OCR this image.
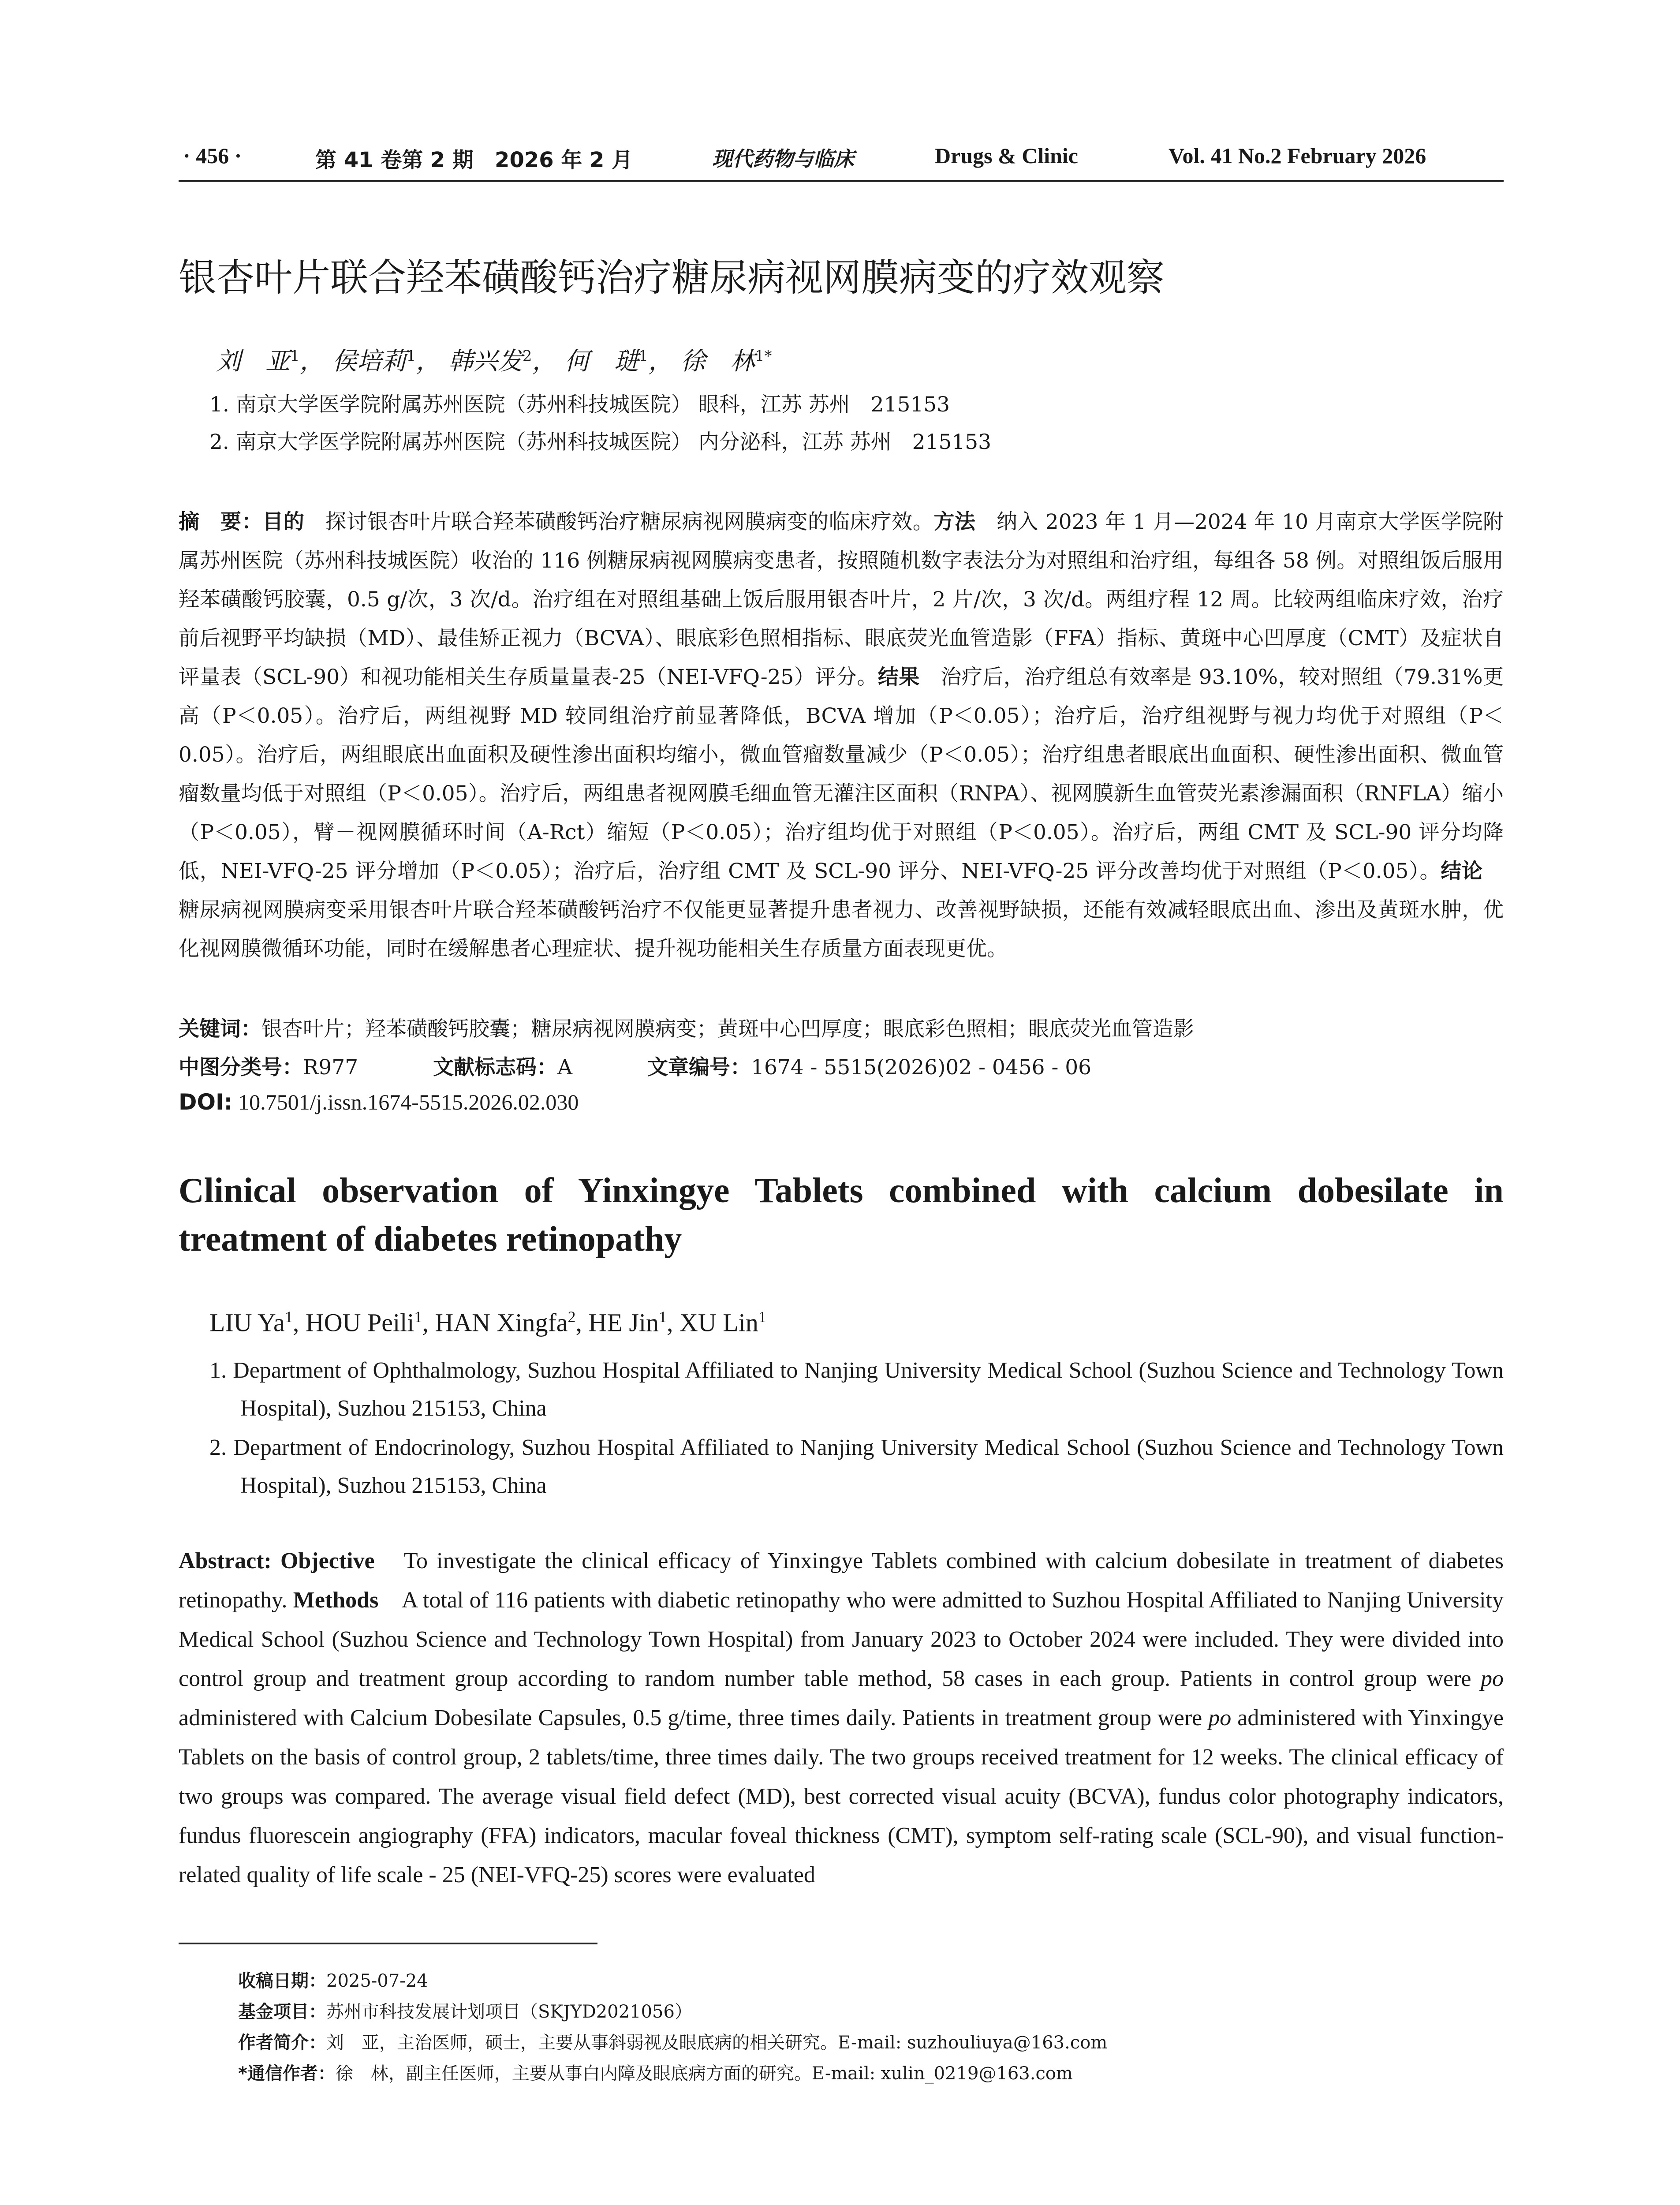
· 456 ·	第 41 卷第 2 期　2026 年 2 月	现代药物与临床	Drugs & Clinic	Vol. 41 No.2 February 2026
银杏叶片联合羟苯磺酸钙治疗糖尿病视网膜病变的疗效观察
刘　亚$^1$， 侯培莉$^1$， 韩兴发$^2$， 何　琎$^1$， 徐　林$^{1*}$
1. 南京大学医学院附属苏州医院（苏州科技城医院） 眼科，江苏 苏州　215153
2. 南京大学医学院附属苏州医院（苏州科技城医院） 内分泌科，江苏 苏州　215153
摘　要：目的　探讨银杏叶片联合羟苯磺酸钙治疗糖尿病视网膜病变的临床疗效。方法　纳入 2023 年 1 月—2024 年 10 月南京大学医学院附属苏州医院（苏州科技城医院）收治的 116 例糖尿病视网膜病变患者，按照随机数字表法分为对照组和治疗组，每组各 58 例。对照组饭后服用羟苯磺酸钙胶囊，0.5 g/次，3 次/d。治疗组在对照组基础上饭后服用银杏叶片，2 片/次，3 次/d。两组疗程 12 周。比较两组临床疗效，治疗前后视野平均缺损（MD）、最佳矫正视力（BCVA）、眼底彩色照相指标、眼底荧光血管造影（FFA）指标、黄斑中心凹厚度（CMT）及症状自评量表（SCL-90）和视功能相关生存质量量表-25（NEI-VFQ-25）评分。结果　治疗后，治疗组总有效率是 93.10%，较对照组（79.31%更高（P＜0.05）。治疗后，两组视野 MD 较同组治疗前显著降低，BCVA 增加（P＜0.05）；治疗后，治疗组视野与视力均优于对照组（P＜0.05）。治疗后，两组眼底出血面积及硬性渗出面积均缩小，微血管瘤数量减少（P＜0.05）；治疗组患者眼底出血面积、硬性渗出面积、微血管瘤数量均低于对照组（P＜0.05）。治疗后，两组患者视网膜毛细血管无灌注区面积（RNPA）、视网膜新生血管荧光素渗漏面积（RNFLA）缩小（P＜0.05），臂－视网膜循环时间（A-Rct）缩短（P＜0.05）；治疗组均优于对照组（P＜0.05）。治疗后，两组 CMT 及 SCL-90 评分均降低，NEI-VFQ-25 评分增加（P＜0.05）；治疗后，治疗组 CMT 及 SCL-90 评分、NEI-VFQ-25 评分改善均优于对照组（P＜0.05）。结论　糖尿病视网膜病变采用银杏叶片联合羟苯磺酸钙治疗不仅能更显著提升患者视力、改善视野缺损，还能有效减轻眼底出血、渗出及黄斑水肿，优化视网膜微循环功能，同时在缓解患者心理症状、提升视功能相关生存质量方面表现更优。
关键词：银杏叶片；羟苯磺酸钙胶囊；糖尿病视网膜病变；黄斑中心凹厚度；眼底彩色照相；眼底荧光血管造影
中图分类号：R977	文献标志码：A	文章编号：1674 - 5515(2026)02 - 0456 - 06
DOI: 10.7501/j.issn.1674-5515.2026.02.030
Clinical observation of Yinxingye Tablets combined with calcium dobesilate in treatment of diabetes retinopathy
LIU Ya$^1$, HOU Peili$^1$, HAN Xingfa$^2$, HE Jin$^1$, XU Lin$^1$
1. Department of Ophthalmology, Suzhou Hospital Affiliated to Nanjing University Medical School (Suzhou Science and Technology Town Hospital), Suzhou 215153, China
2. Department of Endocrinology, Suzhou Hospital Affiliated to Nanjing University Medical School (Suzhou Science and Technology Town Hospital), Suzhou 215153, China
Abstract: Objective　To investigate the clinical efficacy of Yinxingye Tablets combined with calcium dobesilate in treatment of diabetes retinopathy. Methods　A total of 116 patients with diabetic retinopathy who were admitted to Suzhou Hospital Affiliated to Nanjing University Medical School (Suzhou Science and Technology Town Hospital) from January 2023 to October 2024 were included. They were divided into control group and treatment group according to random number table method, 58 cases in each group. Patients in control group were po administered with Calcium Dobesilate Capsules, 0.5 g/time, three times daily. Patients in treatment group were po administered with Yinxingye Tablets on the basis of control group, 2 tablets/time, three times daily. The two groups received treatment for 12 weeks. The clinical efficacy of two groups was compared. The average visual field defect (MD), best corrected visual acuity (BCVA), fundus color photography indicators, fundus fluorescein angiography (FFA) indicators, macular foveal thickness (CMT), symptom self-rating scale (SCL-90), and visual function-related quality of life scale - 25 (NEI-VFQ-25) scores were evaluated
收稿日期：2025-07-24
基金项目：苏州市科技发展计划项目（SKJYD2021056）
作者简介：刘　亚，主治医师，硕士，主要从事斜弱视及眼底病的相关研究。E-mail: suzhouliuya@163.com
*通信作者：徐　林，副主任医师，主要从事白内障及眼底病方面的研究。E-mail: xulin_0219@163.com
